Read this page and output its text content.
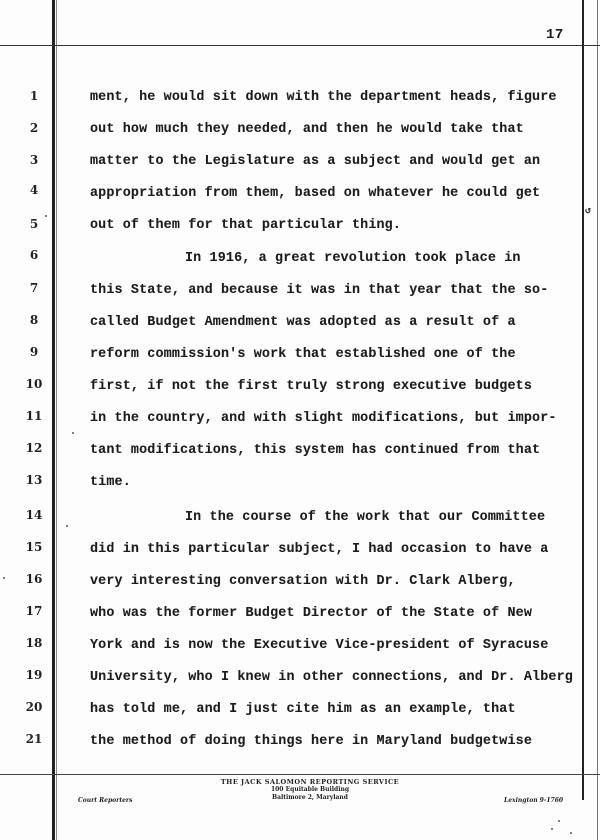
17
↺
1
2
3
4
5
6
7
8
9
10
11
12
13
14
15
16
17
18
19
20
21
ment, he would sit down with the department heads, figure
out how much they needed, and then he would take that
matter to the Legislature as a subject and would get an
appropriation from them, based on whatever he could get
out of them for that particular thing.
In 1916, a great revolution took place in
this State, and because it was in that year that the so-
called Budget Amendment was adopted as a result of a
reform commission's work that established one of the
first, if not the first truly strong executive budgets
in the country, and with slight modifications, but impor-
tant modifications, this system has continued from that
time.
In the course of the work that our Committee
did in this particular subject, I had occasion to have a
very interesting conversation with Dr. Clark Alberg,
who was the former Budget Director of the State of New
York and is now the Executive Vice-president of Syracuse
University, who I knew in other connections, and Dr. Alberg
has told me, and I just cite him as an example, that
the method of doing things here in Maryland budgetwise
THE JACK SALOMON REPORTING SERVICE
100 Equitable Building
Baltimore 2, Maryland
Court Reporters	Lexington 9-1760
